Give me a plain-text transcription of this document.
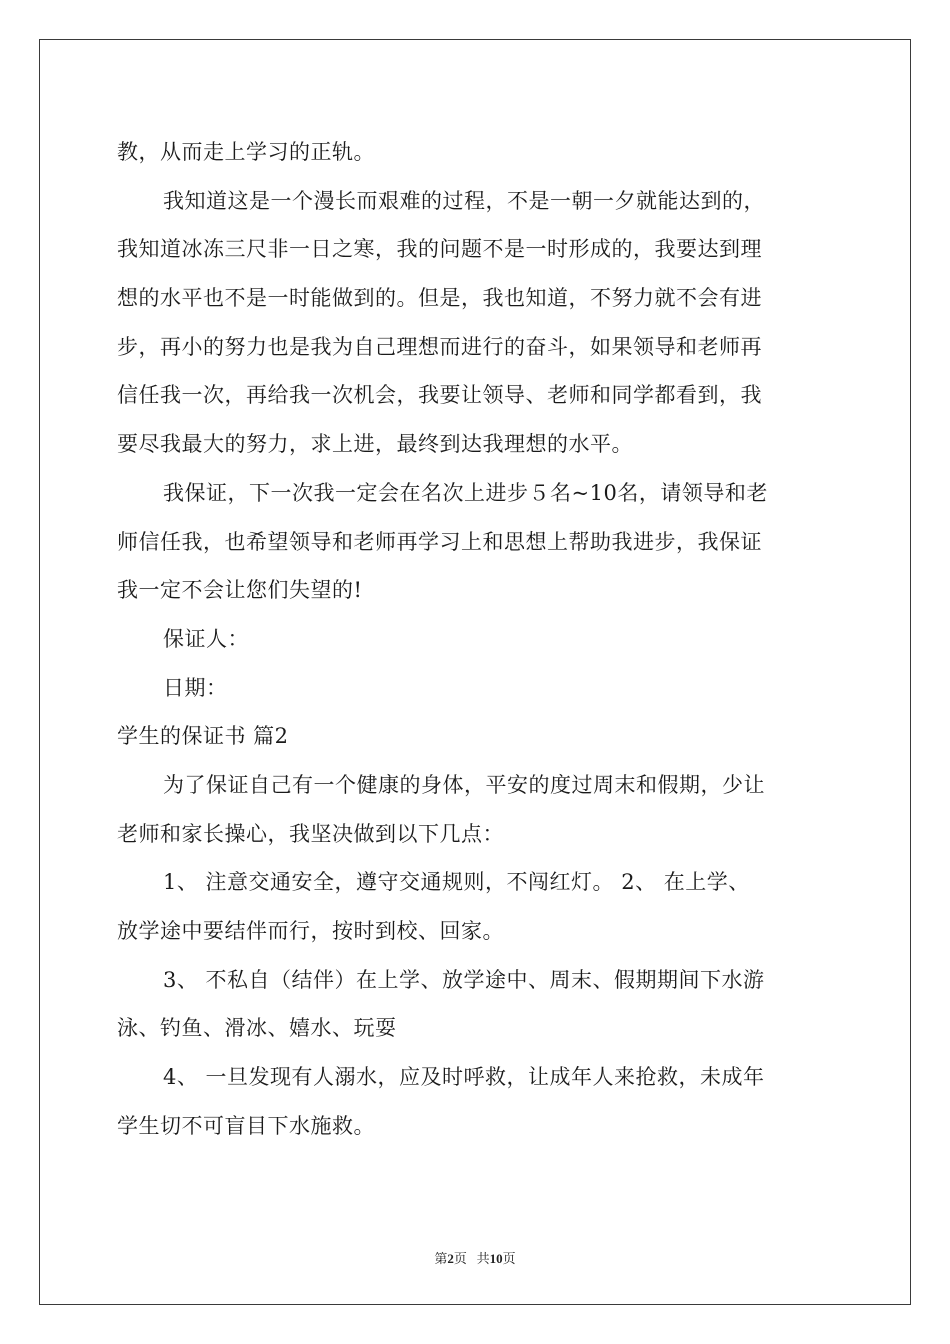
教，从而走上学习的正轨。
我知道这是一个漫长而艰难的过程，不是一朝一夕就能达到的，
我知道冰冻三尺非一日之寒，我的问题不是一时形成的，我要达到理
想的水平也不是一时能做到的。但是，我也知道，不努力就不会有进
步，再小的努力也是我为自己理想而进行的奋斗，如果领导和老师再
信任我一次，再给我一次机会，我要让领导、老师和同学都看到，我
要尽我最大的努力，求上进，最终到达我理想的水平。
我保证，下一次我一定会在名次上进步５名~10名，请领导和老
师信任我，也希望领导和老师再学习上和思想上帮助我进步，我保证
我一定不会让您们失望的!
保证人：
日期：
学生的保证书 篇2
为了保证自己有一个健康的身体，平安的度过周末和假期，少让
老师和家长操心，我坚决做到以下几点：
1、 注意交通安全，遵守交通规则，不闯红灯。 2、 在上学、
放学途中要结伴而行，按时到校、回家。
3、 不私自（结伴）在上学、放学途中、周末、假期期间下水游
泳、钓鱼、滑冰、嬉水、玩耍
4、 一旦发现有人溺水，应及时呼救，让成年人来抢救，未成年
学生切不可盲目下水施救。
第2页   共10页
